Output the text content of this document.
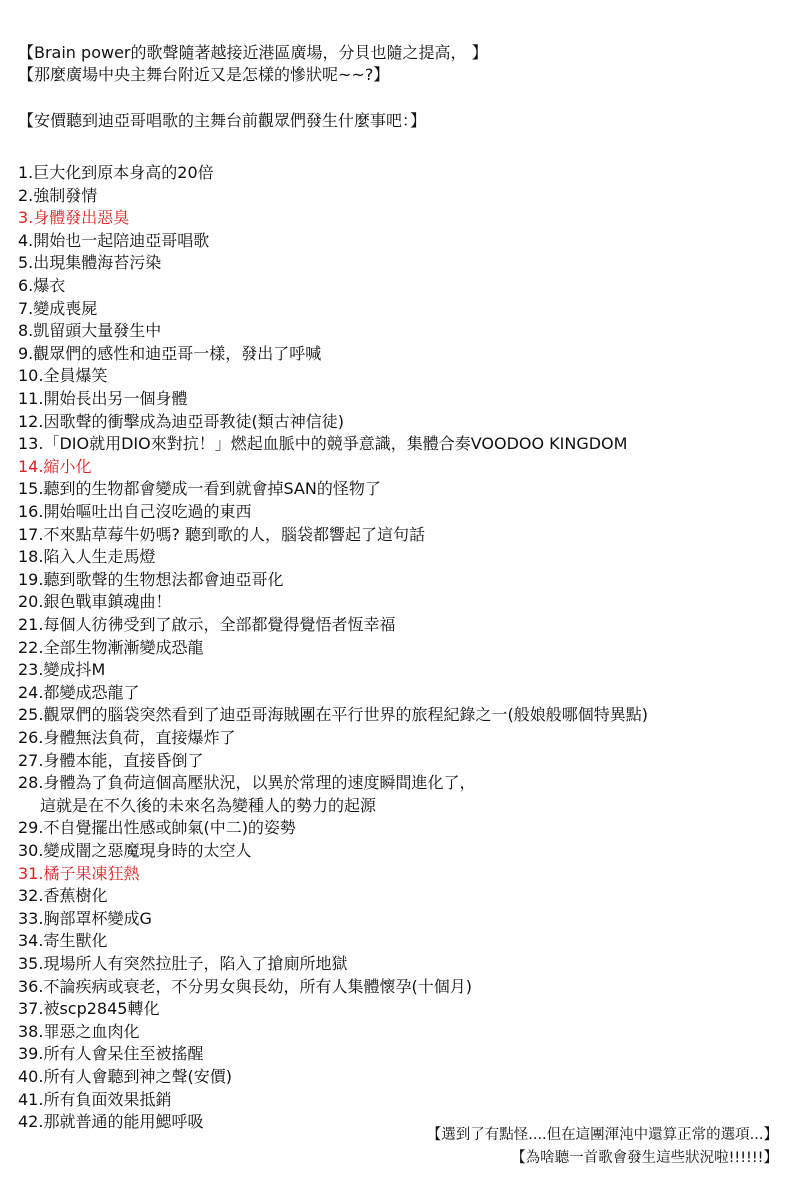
【Brain power的歌聲隨著越接近港區廣場，分貝也隨之提高， 】

【那麼廣場中央主舞台附近又是怎樣的慘狀呢~~?】

【安價聽到迪亞哥唱歌的主舞台前觀眾們發生什麼事吧：】

1.巨大化到原本身高的20倍

2.強制發情

3.身體發出惡臭

4.開始也一起陪迪亞哥唱歌

5.出現集體海苔污染

6.爆衣

7.變成喪屍

8.凱留頭大量發生中

9.觀眾們的感性和迪亞哥一樣，發出了呼喊

10.全員爆笑

11.開始長出另一個身體

12.因歌聲的衝擊成為迪亞哥教徒(類古神信徒)

13.「DIO就用DIO來對抗！」燃起血脈中的競爭意識，集體合奏VOODOO KINGDOM

14.縮小化

15.聽到的生物都會變成一看到就會掉SAN的怪物了

16.開始嘔吐出自己沒吃過的東西

17.不來點草莓牛奶嗎? 聽到歌的人，腦袋都響起了這句話

18.陷入人生走馬燈

19.聽到歌聲的生物想法都會迪亞哥化

20.銀色戰車鎮魂曲！

21.每個人彷彿受到了啟示，全部都覺得覺悟者恆幸福

22.全部生物漸漸變成恐龍

23.變成抖M

24.都變成恐龍了

25.觀眾們的腦袋突然看到了迪亞哥海賊團在平行世界的旅程紀錄之一(般娘般哪個特異點)

26.身體無法負荷，直接爆炸了

27.身體本能，直接昏倒了

28.身體為了負荷這個高壓狀況，以異於常理的速度瞬間進化了，

這就是在不久後的未來名為變種人的勢力的起源

29.不自覺擺出性感或帥氣(中二)的姿勢

30.變成闇之惡魔現身時的太空人

31.橘子果凍狂熱

32.香蕉樹化

33.胸部罩杯變成G

34.寄生獸化

35.現場所人有突然拉肚子，陷入了搶廁所地獄

36.不論疾病或衰老，不分男女與長幼，所有人集體懷孕(十個月)

37.被scp2845轉化

38.罪惡之血肉化

39.所有人會呆住至被搖醒

40.所有人會聽到神之聲(安價)

41.所有負面效果抵銷

42.那就普通的能用鰓呼吸

【選到了有點怪....但在這團渾沌中還算正常的選項...】

【為啥聽一首歌會發生這些狀況啦!!!!!!】
